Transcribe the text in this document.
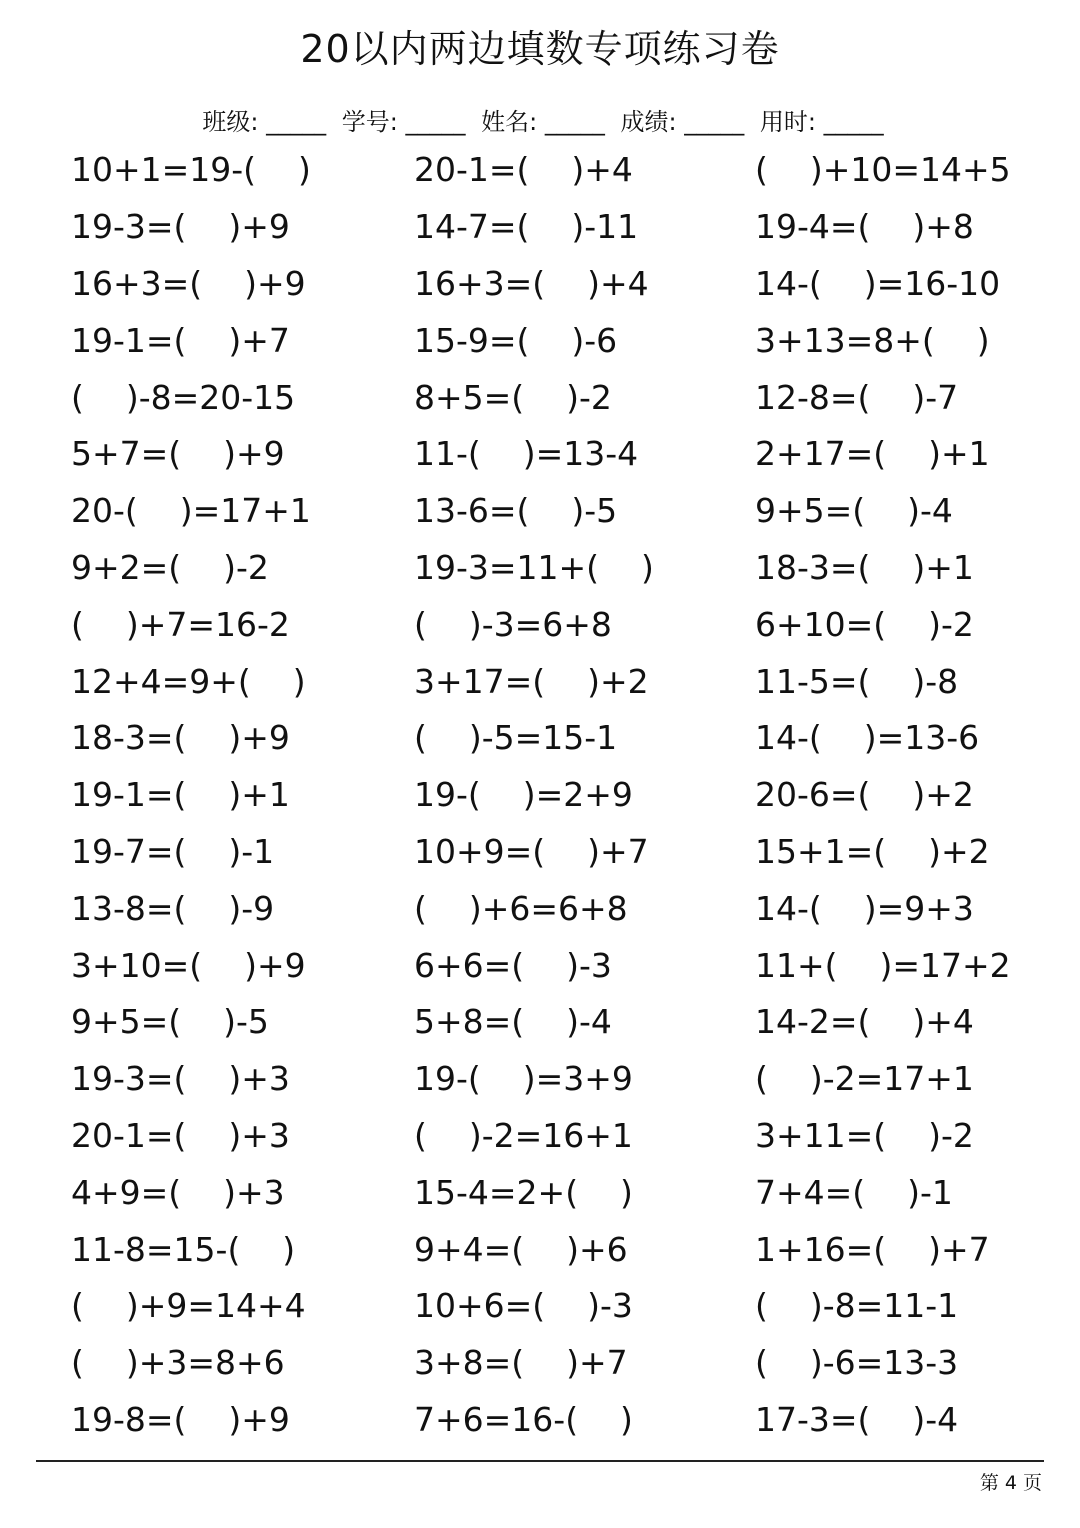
20以内两边填数专项练习卷
班级: _____ 学号: _____ 姓名: _____ 成绩: _____ 用时: _____
10+1=19-(    )	20-1=(    )+4	(    )+10=14+5
19-3=(    )+9	14-7=(    )-11	19-4=(    )+8
16+3=(    )+9	16+3=(    )+4	14-(    )=16-10
19-1=(    )+7	15-9=(    )-6	3+13=8+(    )
(    )-8=20-15	8+5=(    )-2	12-8=(    )-7
5+7=(    )+9	11-(    )=13-4	2+17=(    )+1
20-(    )=17+1	13-6=(    )-5	9+5=(    )-4
9+2=(    )-2	19-3=11+(    )	18-3=(    )+1
(    )+7=16-2	(    )-3=6+8	6+10=(    )-2
12+4=9+(    )	3+17=(    )+2	11-5=(    )-8
18-3=(    )+9	(    )-5=15-1	14-(    )=13-6
19-1=(    )+1	19-(    )=2+9	20-6=(    )+2
19-7=(    )-1	10+9=(    )+7	15+1=(    )+2
13-8=(    )-9	(    )+6=6+8	14-(    )=9+3
3+10=(    )+9	6+6=(    )-3	11+(    )=17+2
9+5=(    )-5	5+8=(    )-4	14-2=(    )+4
19-3=(    )+3	19-(    )=3+9	(    )-2=17+1
20-1=(    )+3	(    )-2=16+1	3+11=(    )-2
4+9=(    )+3	15-4=2+(    )	7+4=(    )-1
11-8=15-(    )	9+4=(    )+6	1+16=(    )+7
(    )+9=14+4	10+6=(    )-3	(    )-8=11-1
(    )+3=8+6	3+8=(    )+7	(    )-6=13-3
19-8=(    )+9	7+6=16-(    )	17-3=(    )-4
第 4 页
